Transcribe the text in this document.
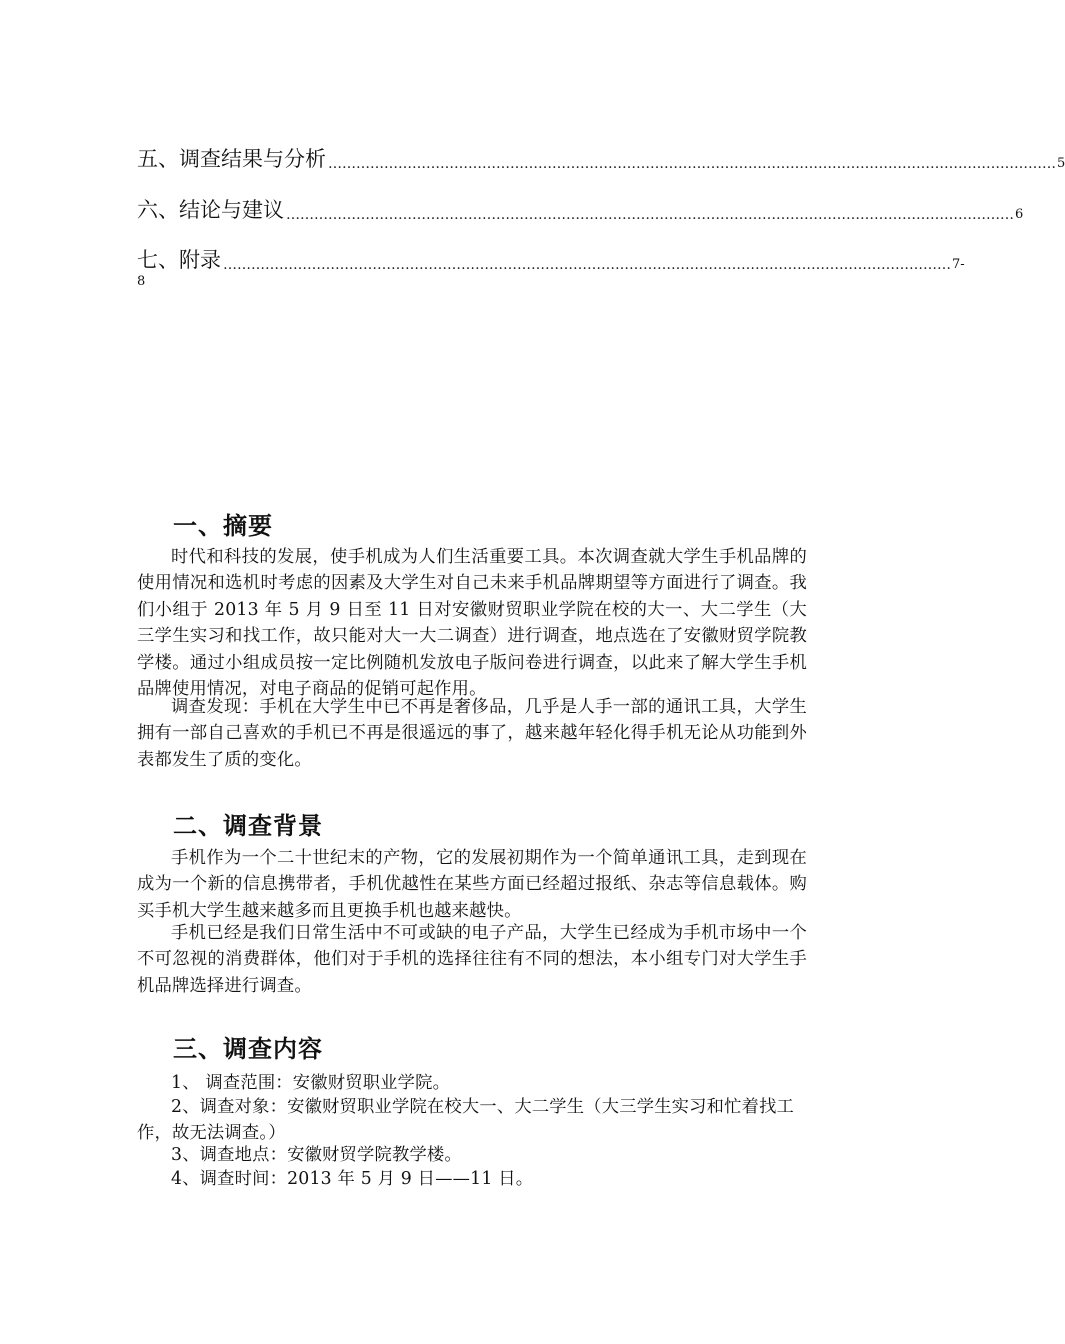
五、调查结果与分析 ………………………………………………………………………………………………………………………………………… 5
六、结论与建议 ………………………………………………………………………………………………………………………………………… 6
七、附录 ………………………………………………………………………………………………………………………………………… 7-
8
一、摘要
时代和科技的发展，使手机成为人们生活重要工具。本次调查就大学生手机品牌的使用情况和选机时考虑的因素及大学生对自己未来手机品牌期望等方面进行了调查。我们小组于 2013 年 5 月 9 日至 11 日对安徽财贸职业学院在校的大一、大二学生（大三学生实习和找工作，故只能对大一大二调查）进行调查，地点选在了安徽财贸学院教学楼。通过小组成员按一定比例随机发放电子版问卷进行调查，以此来了解大学生手机品牌使用情况，对电子商品的促销可起作用。
调查发现：手机在大学生中已不再是奢侈品，几乎是人手一部的通讯工具，大学生拥有一部自己喜欢的手机已不再是很遥远的事了，越来越年轻化得手机无论从功能到外表都发生了质的变化。
二、调查背景
手机作为一个二十世纪末的产物，它的发展初期作为一个简单通讯工具，走到现在成为一个新的信息携带者，手机优越性在某些方面已经超过报纸、杂志等信息载体。购买手机大学生越来越多而且更换手机也越来越快。
手机已经是我们日常生活中不可或缺的电子产品，大学生已经成为手机市场中一个不可忽视的消费群体，他们对于手机的选择往往有不同的想法，本小组专门对大学生手机品牌选择进行调查。
三、调查内容
1、 调查范围：安徽财贸职业学院。
2、调查对象：安徽财贸职业学院在校大一、大二学生（大三学生实习和忙着找工作，故无法调查。）
3、调查地点：安徽财贸学院教学楼。
4、调查时间：2013 年 5 月 9 日——11 日。
